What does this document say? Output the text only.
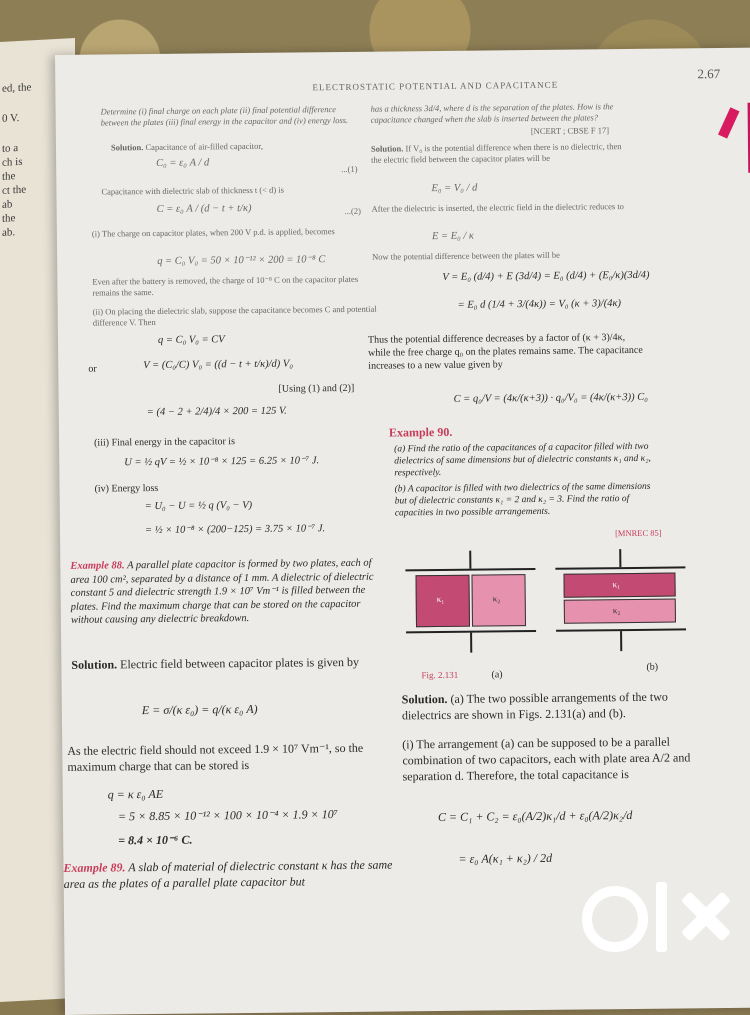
ed, the
0 V.
to a
ch is
the
ct the
ab
the
ab.
ELECTROSTATIC POTENTIAL AND CAPACITANCE
2.67
Determine (i) final charge on each plate (ii) final potential difference between the plates (iii) final energy in the capacitor and (iv) energy loss.
Solution. Capacitance of air-filled capacitor,
C₀ = ε₀ A / d	...(1)
Capacitance with dielectric slab of thickness t (< d) is
C = ε₀ A / (d − t + t/κ)	...(2)
(i) The charge on capacitor plates, when 200 V p.d. is applied, becomes
q = C₀ V₀ = 50 × 10⁻¹² × 200 = 10⁻⁸ C
Even after the battery is removed, the charge of 10⁻⁸ C on the capacitor plates remains the same.
(ii) On placing the dielectric slab, suppose the capacitance becomes C and potential difference V. Then
q = C₀ V₀ = CV
or	V = (C₀/C) V₀ = ((d − t + t/κ)/d) V₀
[Using (1) and (2)]
= (4 − 2 + 2/4)/4 × 200 = 125 V.
(iii) Final energy in the capacitor is
U = ½ qV = ½ × 10⁻⁸ × 125 = 6.25 × 10⁻⁷ J.
(iv) Energy loss
= U₀ − U = ½ q (V₀ − V)
= ½ × 10⁻⁸ × (200−125) = 3.75 × 10⁻⁷ J.
Example 88. A parallel plate capacitor is formed by two plates, each of area 100 cm², separated by a distance of 1 mm. A dielectric of dielectric constant 5 and dielectric strength 1.9 × 10⁷ Vm⁻¹ is filled between the plates. Find the maximum charge that can be stored on the capacitor without causing any dielectric breakdown.
Solution. Electric field between capacitor plates is given by
E = σ/(κ ε₀) = q/(κ ε₀ A)
As the electric field should not exceed 1.9 × 10⁷ Vm⁻¹, so the maximum charge that can be stored is
q = κ ε₀ AE
= 5 × 8.85 × 10⁻¹² × 100 × 10⁻⁴ × 1.9 × 10⁷
= 8.4 × 10⁻⁶ C.
Example 89. A slab of material of dielectric constant κ has the same area as the plates of a parallel plate capacitor but
has a thickness 3d/4, where d is the separation of the plates. How is the capacitance changed when the slab is inserted between the plates?
[NCERT ; CBSE F 17]
Solution. If V₀ is the potential difference when there is no dielectric, then the electric field between the capacitor plates will be
E₀ = V₀ / d
After the dielectric is inserted, the electric field in the dielectric reduces to
E = E₀ / κ
Now the potential difference between the plates will be
V = E₀ (d/4) + E (3d/4) = E₀ (d/4) + (E₀/κ)(3d/4)
= E₀ d (1/4 + 3/(4κ)) = V₀ (κ + 3)/(4κ)
Thus the potential difference decreases by a factor of (κ + 3)/4κ, while the free charge q₀ on the plates remains same. The capacitance increases to a new value given by
C = q₀/V = (4κ/(κ+3)) · q₀/V₀ = (4κ/(κ+3)) C₀
Example 90.
(a) Find the ratio of the capacitances of a capacitor filled with two dielectrics of same dimensions but of dielectric constants κ₁ and κ₂, respectively.
(b) A capacitor is filled with two dielectrics of the same dimensions but of dielectric constants κ₁ = 2 and κ₂ = 3. Find the ratio of capacities in two possible arrangements.
[MNREC 85]
κ₁	κ₂
κ₁
κ₂
Fig. 2.131	(a)
(b)
Solution. (a) The two possible arrangements of the two dielectrics are shown in Figs. 2.131(a) and (b).
(i) The arrangement (a) can be supposed to be a parallel combination of two capacitors, each with plate area A/2 and separation d. Therefore, the total capacitance is
C = C₁ + C₂ = ε₀(A/2)κ₁/d + ε₀(A/2)κ₂/d
= ε₀ A(κ₁ + κ₂) / 2d
